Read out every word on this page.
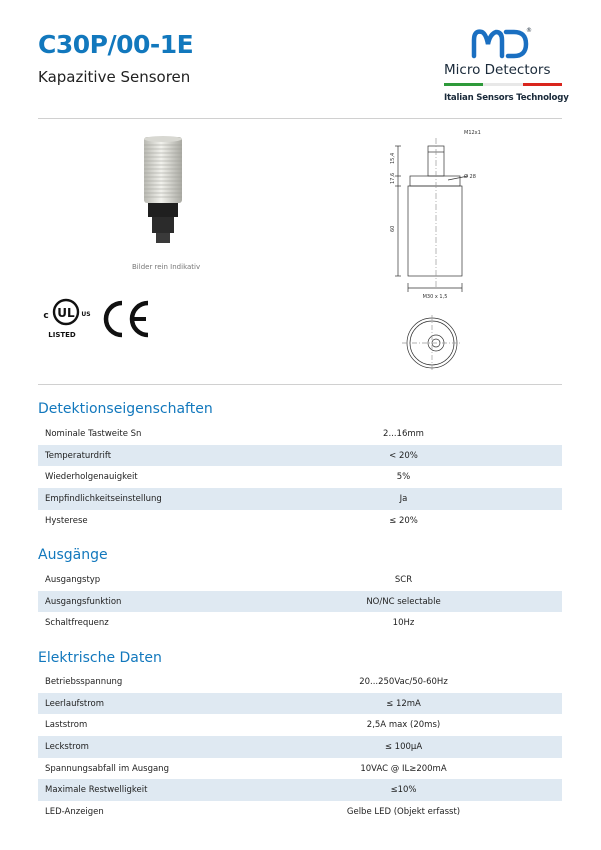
C30P/00-1E
Kapazitive Sensoren
®
Micro Detectors
Italian Sensors Technology
Bilder rein Indikativ
UL
c	US
LISTED
M12x1
Ø 28
15,4
17,6
60
M30 x 1,5
Detektionseigenschaften
Nominale Tastweite Sn	2...16mm
Temperaturdrift	< 20%
Wiederholgenauigkeit	5%
Empfindlichkeitseinstellung	Ja
Hysterese	≤ 20%
Ausgänge
Ausgangstyp	SCR
Ausgangsfunktion	NO/NC selectable
Schaltfrequenz	10Hz
Elektrische Daten
Betriebsspannung	20...250Vac/50-60Hz
Leerlaufstrom	≤ 12mA
Laststrom	2,5A max (20ms)
Leckstrom	≤ 100µA
Spannungsabfall im Ausgang	10VAC @ IL≥200mA
Maximale Restwelligkeit	≤10%
LED-Anzeigen	Gelbe LED (Objekt erfasst)
